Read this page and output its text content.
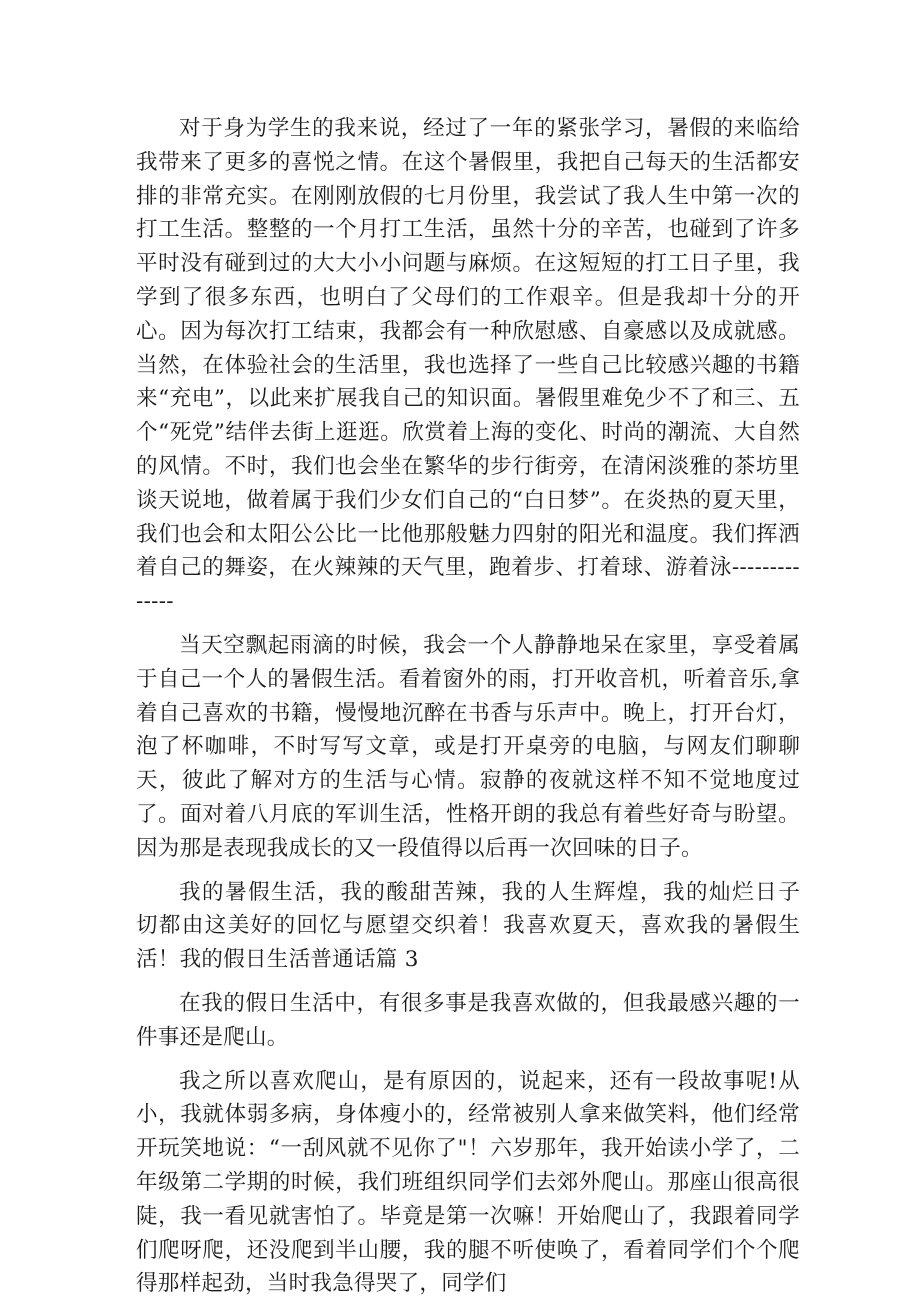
对于身为学生的我来说，经过了一年的紧张学习，暑假的来临给我带来了更多的喜悦之情。在这个暑假里，我把自己每天的生活都安排的非常充实。在刚刚放假的七月份里，我尝试了我人生中第一次的打工生活。整整的一个月打工生活，虽然十分的辛苦，也碰到了许多平时没有碰到过的大大小小问题与麻烦。在这短短的打工日子里，我学到了很多东西，也明白了父母们的工作艰辛。但是我却十分的开心。因为每次打工结束，我都会有一种欣慰感、自豪感以及成就感。当然，在体验社会的生活里，我也选择了一些自己比较感兴趣的书籍来“充电”，以此来扩展我自己的知识面。暑假里难免少不了和三、五个“死党”结伴去街上逛逛。欣赏着上海的变化、时尚的潮流、大自然的风情。不时，我们也会坐在繁华的步行街旁，在清闲淡雅的茶坊里谈天说地，做着属于我们少女们自己的“白日梦”。在炎热的夏天里，我们也会和太阳公公比一比他那般魅力四射的阳光和温度。我们挥洒着自己的舞姿，在火辣辣的天气里，跑着步、打着球、游着泳--------------

当天空飘起雨滴的时候，我会一个人静静地呆在家里，享受着属于自己一个人的暑假生活。看着窗外的雨，打开收音机，听着音乐,拿着自己喜欢的书籍，慢慢地沉醉在书香与乐声中。晚上，打开台灯，泡了杯咖啡，不时写写文章，或是打开桌旁的电脑，与网友们聊聊天，彼此了解对方的生活与心情。寂静的夜就这样不知不觉地度过了。面对着八月底的军训生活，性格开朗的我总有着些好奇与盼望。因为那是表现我成长的又一段值得以后再一次回味的日子。

我的暑假生活，我的酸甜苦辣，我的人生辉煌，我的灿烂日子　切都由这美好的回忆与愿望交织着！我喜欢夏天，喜欢我的暑假生活！我的假日生活普通话篇 3

在我的假日生活中，有很多事是我喜欢做的，但我最感兴趣的一件事还是爬山。

我之所以喜欢爬山，是有原因的，说起来，还有一段故事呢!从小，我就体弱多病，身体瘦小的，经常被别人拿来做笑料，他们经常开玩笑地说：“一刮风就不见你了"！六岁那年，我开始读小学了，二年级第二学期的时候，我们班组织同学们去郊外爬山。那座山很高很陡，我一看见就害怕了。毕竟是第一次嘛！开始爬山了，我跟着同学们爬呀爬，还没爬到半山腰，我的腿不听使唤了，看着同学们个个爬得那样起劲，当时我急得哭了，同学们
